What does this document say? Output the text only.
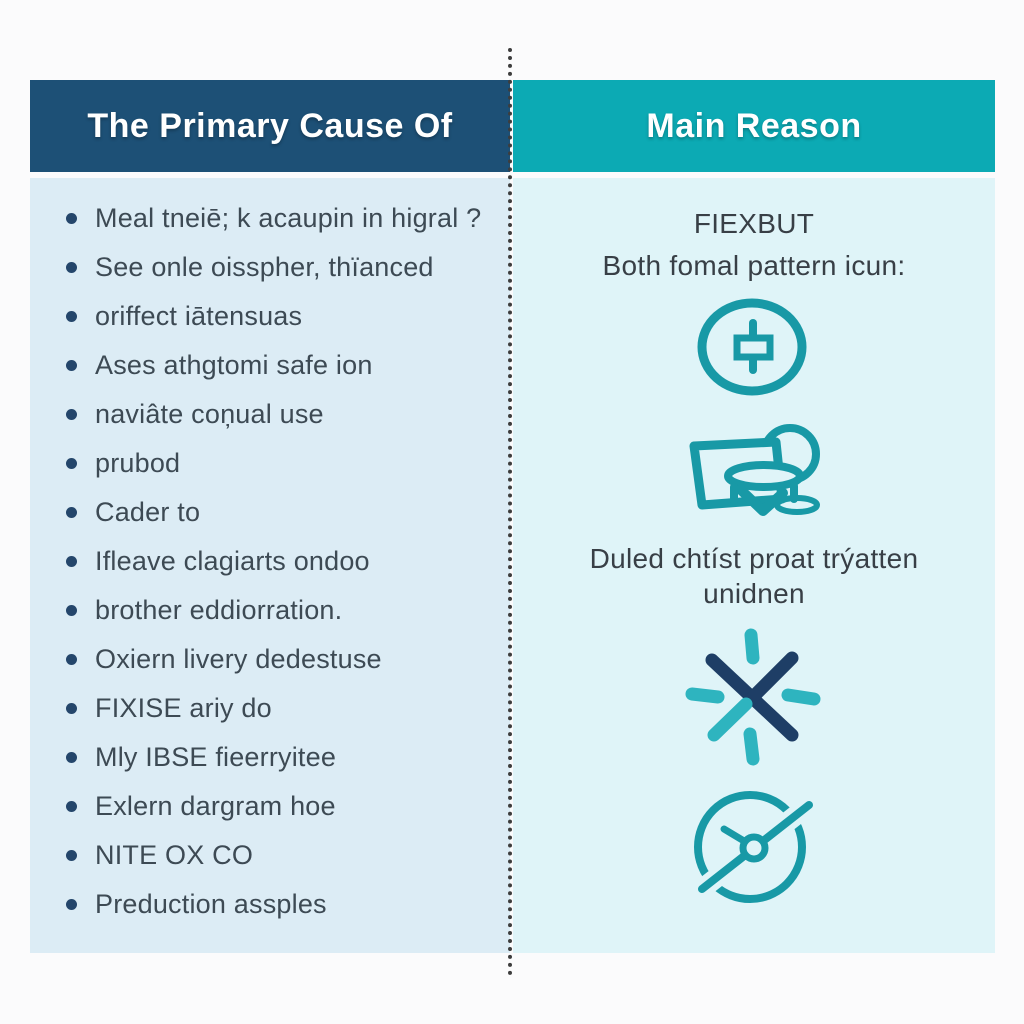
The Primary Cause Of	Main Reason
Meal tneiē; k acaupin in higral ?
See onle oisspher, thïanced
oriffect iātensuas
Ases athgtomi safe ion
naviâte coņual use
prubod
Cader to
Ifleave clagiarts ondoo
brother eddiorration.
Oxiern livery dedestuse
FIXISE ariy do
Mly IBSE fieerryitee
Exlern dargram hoe
NITE OX CO
Preduction assples
FIEXBUT
Both fomal pattern icun:
Duled chtíst proat trýatten
unidnen
